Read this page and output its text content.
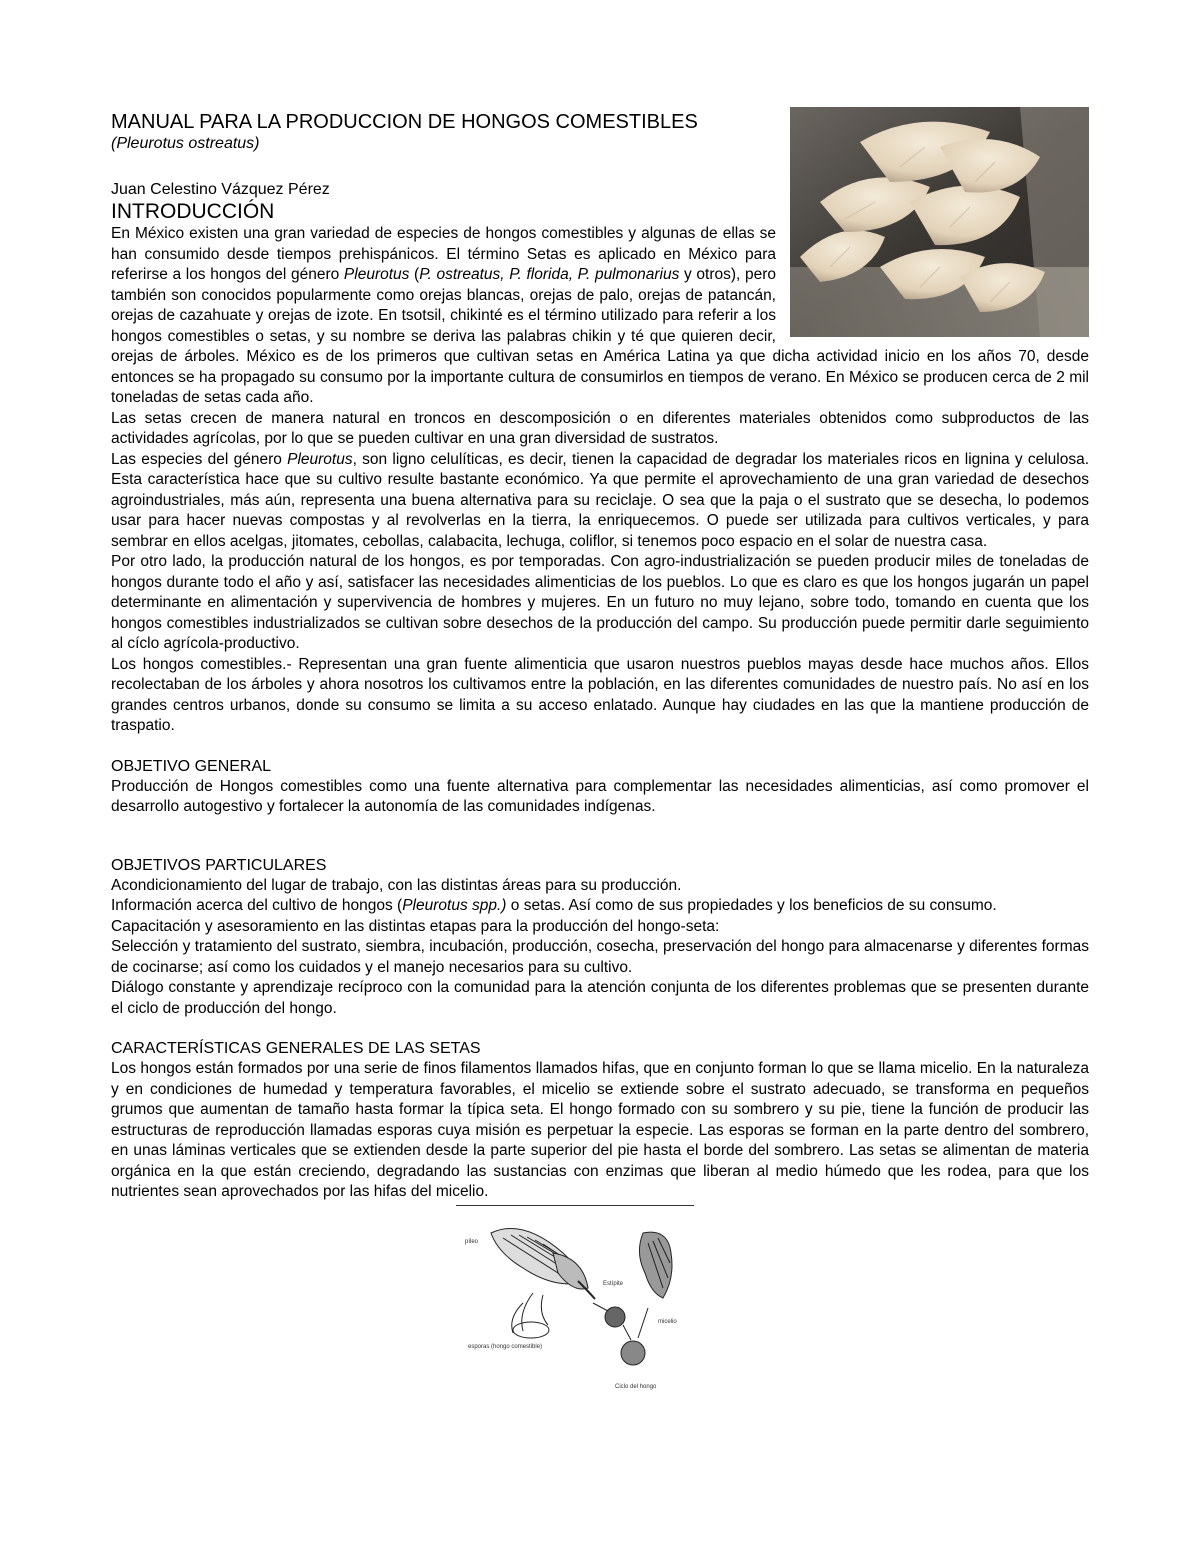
MANUAL PARA LA PRODUCCION DE HONGOS COMESTIBLES
(Pleurotus ostreatus)
Juan Celestino Vázquez Pérez
INTRODUCCIÓN

En México existen una gran variedad de especies de hongos comestibles y algunas de ellas se han consumido desde tiempos prehispánicos. El término Setas es aplicado en México para referirse a los hongos del género Pleurotus (P. ostreatus, P. florida, P. pulmonarius y otros), pero también son conocidos popularmente como orejas blancas, orejas de palo, orejas de patancán, orejas de cazahuate y orejas de izote. En tsotsil, chikinté es el término utilizado para referir a los hongos comestibles o setas, y su nombre se deriva las palabras chikin y té que quieren decir, orejas de árboles. México es de los primeros que cultivan setas en América Latina ya que dicha actividad inicio en los años 70, desde entonces se ha propagado su consumo por la importante cultura de consumirlos en tiempos de verano. En México se producen cerca de 2 mil toneladas de setas cada año.

Las setas crecen de manera natural en troncos en descomposición o en diferentes materiales obtenidos como subproductos de las actividades agrícolas, por lo que se pueden cultivar en una gran diversidad de sustratos.

Las especies del género Pleurotus, son ligno celulíticas, es decir, tienen la capacidad de degradar los materiales ricos en lignina y celulosa. Esta característica hace que su cultivo resulte bastante económico. Ya que permite el aprovechamiento de una gran variedad de desechos agroindustriales, más aún, representa una buena alternativa para su reciclaje. O sea que la paja o el sustrato que se desecha, lo podemos usar para hacer nuevas compostas y al revolverlas en la tierra, la enriquecemos. O puede ser utilizada para cultivos verticales, y para sembrar en ellos acelgas, jitomates, cebollas, calabacita, lechuga, coliflor, si tenemos poco espacio en el solar de nuestra casa.

Por otro lado, la producción natural de los hongos, es por temporadas. Con agro-industrialización se pueden producir miles de toneladas de hongos durante todo el año y así, satisfacer las necesidades alimenticias de los pueblos. Lo que es claro es que los hongos jugarán un papel determinante en alimentación y supervivencia de hombres y mujeres. En un futuro no muy lejano, sobre todo, tomando en cuenta que los hongos comestibles industrializados se cultivan sobre desechos de la producción del campo. Su producción puede permitir darle seguimiento al cíclo agrícola-productivo.

Los hongos comestibles.- Representan una gran fuente alimenticia que usaron nuestros pueblos mayas desde hace muchos años. Ellos recolectaban de los árboles y ahora nosotros los cultivamos entre la población, en las diferentes comunidades de nuestro país. No así en los grandes centros urbanos, donde su consumo se limita a su acceso enlatado. Aunque hay ciudades en las que la mantiene producción de traspatio.

OBJETIVO GENERAL

Producción de Hongos comestibles como una fuente alternativa para complementar las necesidades alimenticias, así como promover el desarrollo autogestivo y fortalecer la autonomía de las comunidades indígenas.

OBJETIVOS PARTICULARES

Acondicionamiento del lugar de trabajo, con las distintas áreas para su producción.

Información acerca del cultivo de hongos (Pleurotus spp.) o setas. Así como de sus propiedades y los beneficios de su consumo.

Capacitación y asesoramiento en las distintas etapas para la producción del hongo-seta:

Selección y tratamiento del sustrato, siembra, incubación, producción, cosecha, preservación del hongo para almacenarse y diferentes formas de cocinarse; así como los cuidados y el manejo necesarios para su cultivo.

Diálogo constante y aprendizaje recíproco con la comunidad para la atención conjunta de los diferentes problemas que se presenten durante el ciclo de producción del hongo.

CARACTERÍSTICAS GENERALES DE LAS SETAS

Los hongos están formados por una serie de finos filamentos llamados hifas, que en conjunto forman lo que se llama micelio. En la naturaleza y en condiciones de humedad y temperatura favorables, el micelio se extiende sobre el sustrato adecuado, se transforma en pequeños grumos que aumentan de tamaño hasta formar la típica seta. El hongo formado con su sombrero y su pie, tiene la función de producir las estructuras de reproducción llamadas esporas cuya misión es perpetuar la especie. Las esporas se forman en la parte dentro del sombrero, en unas láminas verticales que se extienden desde la parte superior del pie hasta el borde del sombrero. Las setas se alimentan de materia orgánica en la que están creciendo, degradando las sustancias con enzimas que liberan al medio húmedo que les rodea, para que los nutrientes sean aprovechados por las hifas del micelio.

píleo
Estípite
esporas (hongo comestible)
micelio
Ciclo del hongo
